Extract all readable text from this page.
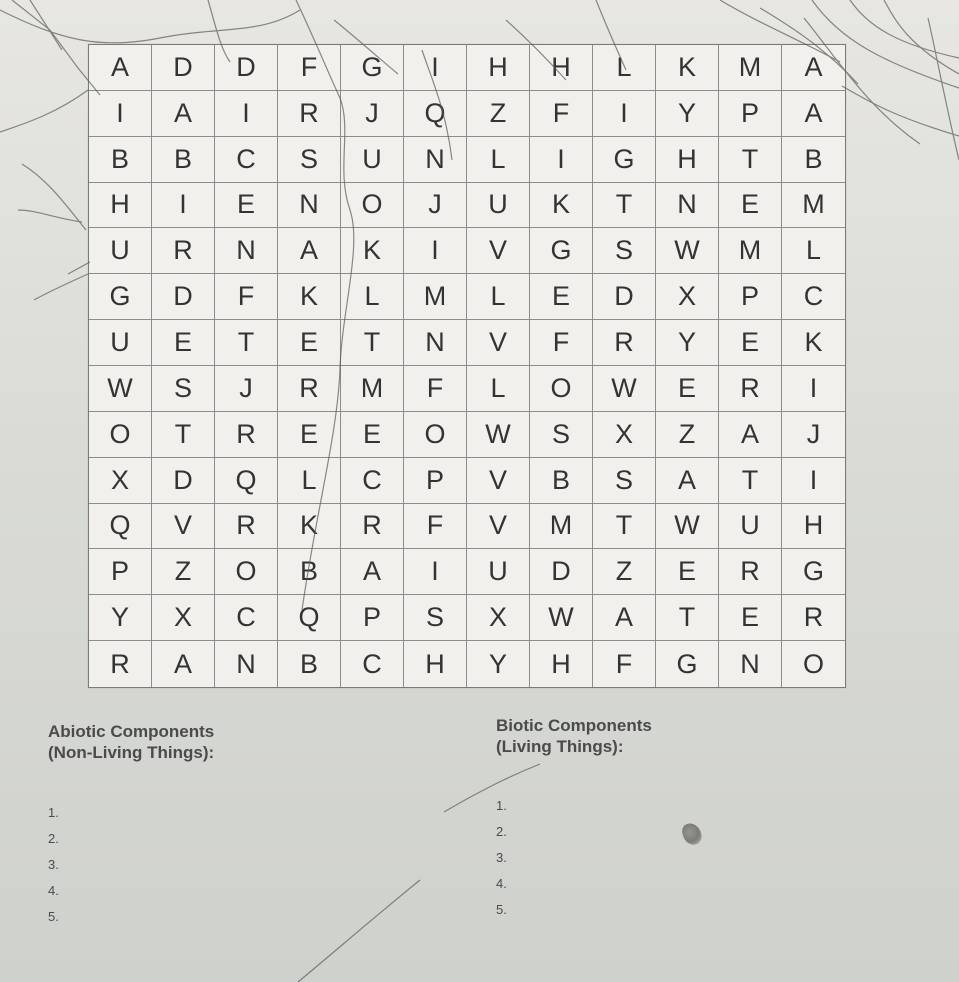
A	D	D	F	G	I	H	H	L	K	M	A
I	A	I	R	J	Q	Z	F	I	Y	P	A
B	B	C	S	U	N	L	I	G	H	T	B
H	I	E	N	O	J	U	K	T	N	E	M
U	R	N	A	K	I	V	G	S	W	M	L
G	D	F	K	L	M	L	E	D	X	P	C
U	E	T	E	T	N	V	F	R	Y	E	K
W	S	J	R	M	F	L	O	W	E	R	I
O	T	R	E	E	O	W	S	X	Z	A	J
X	D	Q	L	C	P	V	B	S	A	T	I
Q	V	R	K	R	F	V	M	T	W	U	H
P	Z	O	B	A	I	U	D	Z	E	R	G
Y	X	C	Q	P	S	X	W	A	T	E	R
R	A	N	B	C	H	Y	H	F	G	N	O
Abiotic Components
(Non-Living Things):
1.
2.
3.
4.
5.
Biotic Components
(Living Things):
1.
2.
3.
4.
5.
